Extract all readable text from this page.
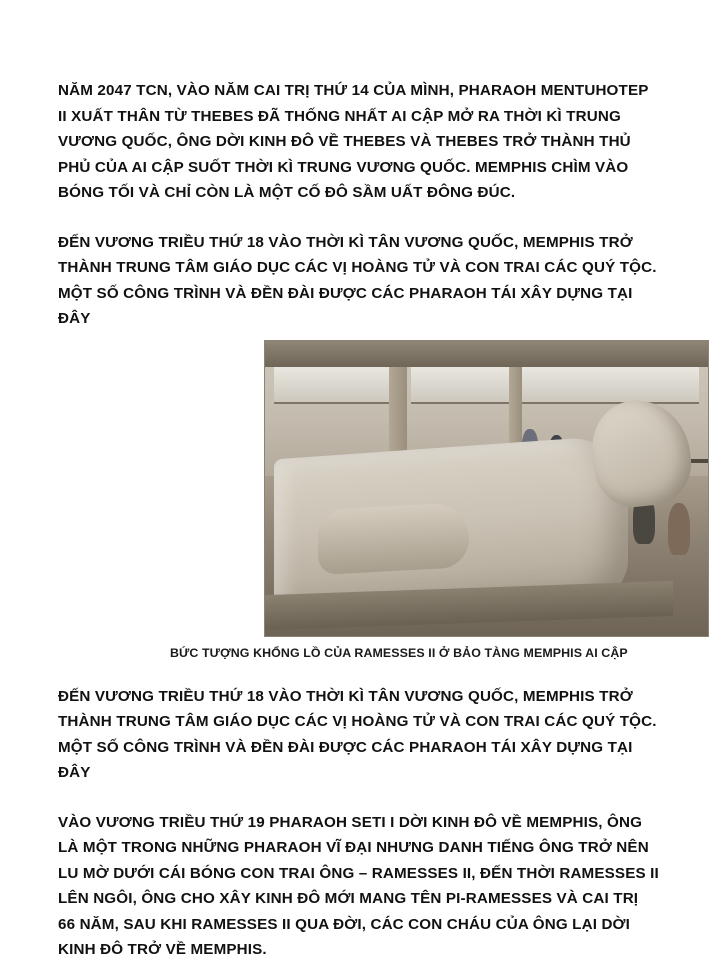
NĂM 2047 TCN, VÀO NĂM CAI TRỊ THỨ 14 CỦA MÌNH, PHARAOH MENTUHOTEP II XUẤT THÂN TỪ THEBES ĐÃ THỐNG NHẤT AI CẬP MỞ RA THỜI KÌ TRUNG VƯƠNG QUỐC, ÔNG DỜI KINH ĐÔ VỀ THEBES VÀ THEBES TRỞ THÀNH THỦ PHỦ CỦA AI CẬP SUỐT THỜI KÌ TRUNG VƯƠNG QUỐC. MEMPHIS CHÌM VÀO BÓNG TỐI VÀ CHỈ CÒN LÀ MỘT CỐ ĐÔ SẦM UẤT ĐÔNG ĐÚC.

ĐẾN VƯƠNG TRIỀU THỨ 18 VÀO THỜI KÌ TÂN VƯƠNG QUỐC, MEMPHIS TRỞ THÀNH TRUNG TÂM GIÁO DỤC CÁC VỊ HOÀNG TỬ VÀ CON TRAI CÁC QUÝ TỘC. MỘT SỐ CÔNG TRÌNH VÀ ĐỀN ĐÀI ĐƯỢC CÁC PHARAOH TÁI XÂY DỰNG TẠI ĐÂY

BỨC TƯỢNG KHỔNG LỒ CỦA RAMESSES II Ở BẢO TÀNG MEMPHIS AI CẬP

ĐẾN VƯƠNG TRIỀU THỨ 18 VÀO THỜI KÌ TÂN VƯƠNG QUỐC, MEMPHIS TRỞ THÀNH TRUNG TÂM GIÁO DỤC CÁC VỊ HOÀNG TỬ VÀ CON TRAI CÁC QUÝ TỘC. MỘT SỐ CÔNG TRÌNH VÀ ĐỀN ĐÀI ĐƯỢC CÁC PHARAOH TÁI XÂY DỰNG TẠI ĐÂY

VÀO VƯƠNG TRIỀU THỨ 19 PHARAOH SETI I DỜI KINH ĐÔ VỀ MEMPHIS, ÔNG LÀ MỘT TRONG NHỮNG PHARAOH VĨ ĐẠI NHƯNG DANH TIẾNG ÔNG TRỞ NÊN LU MỜ DƯỚI CÁI BÓNG CON TRAI ÔNG – RAMESSES II, ĐẾN THỜI RAMESSES II LÊN NGÔI, ÔNG CHO XÂY KINH ĐÔ MỚI MANG TÊN PI-RAMESSES VÀ CAI TRỊ 66 NĂM, SAU KHI RAMESSES II QUA ĐỜI, CÁC CON CHÁU CỦA ÔNG LẠI DỜI KINH ĐÔ TRỞ VỀ MEMPHIS.
